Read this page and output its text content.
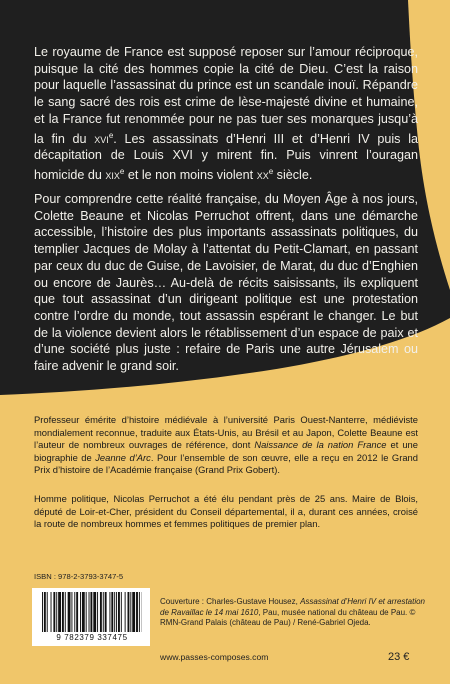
Le royaume de France est supposé reposer sur l’amour réciproque, puisque la cité des hommes copie la cité de Dieu. C’est la raison pour laquelle l’assassinat du prince est un scandale inouï. Répandre le sang sacré des rois est crime de lèse-majesté divine et humaine, et la France fut renommée pour ne pas tuer ses monarques jusqu’à la fin du xvi$^e$. Les assassinats d’Henri III et d’Henri IV puis la décapitation de Louis XVI y mirent fin. Puis vinrent l’ouragan homicide du xix$^e$ et le non moins violent $xx^e$ siècle.
Pour comprendre cette réalité française, du Moyen Âge à nos jours, Colette Beaune et Nicolas Perruchot offrent, dans une démarche accessible, l’histoire des plus importants assassinats politiques, du templier Jacques de Molay à l’attentat du Petit-Clamart, en passant par ceux du duc de Guise, de Lavoisier, de Marat, du duc d’Enghien ou encore de Jaurès… Au-delà de récits saisissants, ils expliquent que tout assassinat d’un dirigeant politique est une protestation contre l’ordre du monde, tout assassin espérant le changer. Le but de la violence devient alors le rétablissement d’un espace de paix et d’une société plus juste : refaire de Paris une autre Jérusalem ou faire advenir le grand soir.
Professeur émérite d’histoire médiévale à l’université Paris Ouest-Nanterre, médiéviste mondialement reconnue, traduite aux États-Unis, au Brésil et au Japon, Colette Beaune est l’auteur de nombreux ouvrages de référence, dont Naissance de la nation France et une biographie de Jeanne d’Arc. Pour l’ensemble de son œuvre, elle a reçu en 2012 le Grand Prix d’histoire de l’Académie française (Grand Prix Gobert).
Homme politique, Nicolas Perruchot a été élu pendant près de 25 ans. Maire de Blois, député de Loir-et-Cher, président du Conseil départemental, il a, durant ces années, croisé la route de nombreux hommes et femmes politiques de premier plan.
ISBN : 978-2-3793-3747-5
9 782379 337475
Couverture : Charles-Gustave Housez, Assassinat d’Henri IV et arrestation de Ravaillac le 14 mai 1610, Pau, musée national du château de Pau. © RMN-Grand Palais (château de Pau) / René-Gabriel Ojeda.
www.passes-composes.com	23 €
